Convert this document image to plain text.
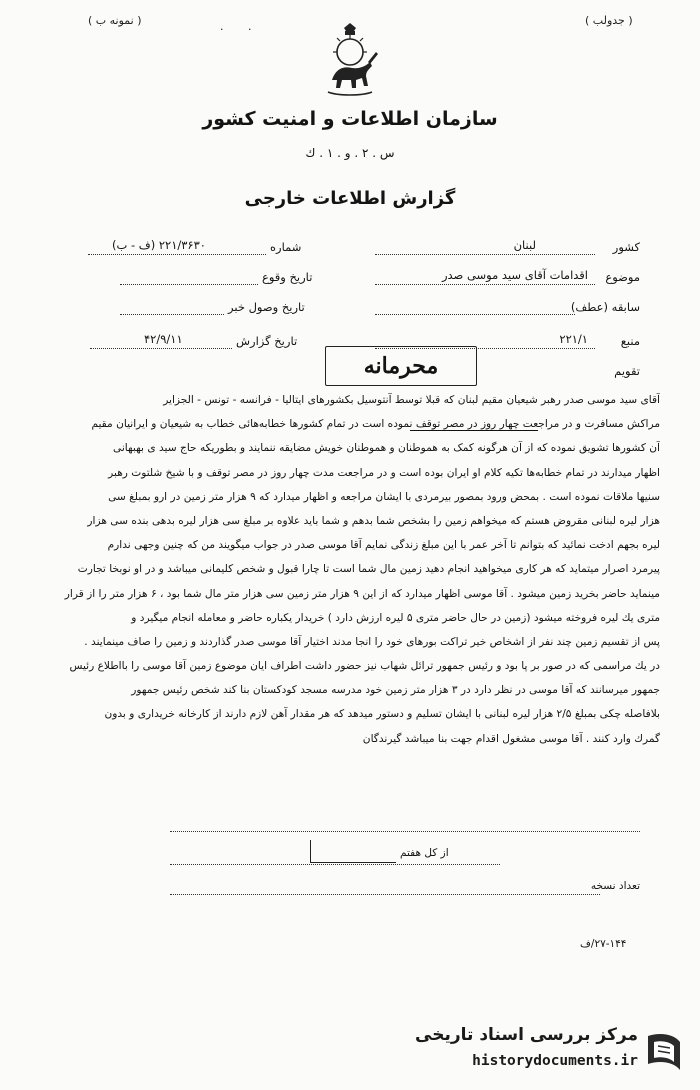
( نمونه ب )	( جدولب )
.       .
سازمان اطلاعات و امنیت کشور
س . ۲ . و . ۱ . ك
گزارش اطلاعات خارجی
کشور
لبنان
موضوع
اقدامات آقای سید موسی صدر
سابقه (عطف)
منبع
۲۲۱/۱
تقویم
شماره
۲۲۱/۳۶۳۰ (ف - ب)
تاریخ وقوع
تاریخ وصول خبر
تاریخ گزارش
۴۲/۹/۱۱
محرمانه
آقای سید موسی صدر رهبر شیعیان مقیم لبنان که قبلا توسط آنتوسیل بکشورهای ایتالیا - فرانسه - تونس - الجزایر
مراکش مسافرت و در مراجعت چهار روز در مصر توقف نموده است در تمام کشورها خطابه‌هائی خطاب به شیعیان و ایرانیان مقیم
آن کشورها تشویق نموده که از آن هرگونه کمک به هموطنان و هموطنان خویش مضایقه ننمایند و بطوریکه حاج سید ی بهبهانی
اظهار میدارند در تمام خطابه‌ها تکیه کلام او ایران بوده است و در مراجعت مدت چهار روز در مصر توقف و با شیخ شلتوت رهبر
سنیها ملاقات نموده است . بمحض ورود بمصور بیرمردی با ایشان مراجعه و اظهار میدارد که ۹ هزار متر زمین در ارو بمبلغ سی
هزار لیره لبنانی مقروض هستم که میخواهم زمین را بشخص شما بدهم و شما باید علاوه بر مبلغ سی هزار لیره بدهی بنده سی هزار
لیره بجهم ادخت نمائید که بتوانم تا آخر عمر با این مبلغ زندگی نمایم آقا موسی صدر در جواب میگویند من که چنین وجهی ندارم
پیرمرد اصرار میتماید که هر کاری میخواهید انجام دهید زمین مال شما است تا چارا قبول و شخص کلیمانی میباشد و در او نوبخا تجارت
مینماید حاضر بخرید زمین میشود . آقا موسی اظهار میدارد که از این ۹ هزار متر زمین سی هزار متر مال شما بود ، ۶ هزار متر را از قرار
متری یك لیره فروخته میشود (زمین در حال حاضر متری ۵ لیره ارزش دارد ) خریدار یکباره حاضر و معامله انجام میگیرد و
پس از تقسیم زمین چند نفر از اشخاص خیر تراکت بورهای خود را انجا مدند اختیار آقا موسی صدر گذاردند و زمین را صاف مینمایند .
در یك مراسمی که در صور بر پا بود و رئیس جمهور ترائل شهاب نیز حضور داشت اطراف ایان موضوع زمین آقا موسی را بااطلاع رئیس
جمهور میرسانند که آقا موسی در نظر دارد در ۳ هزار متر زمین خود مدرسه مسجد کودکستان بنا کند شخص رئیس جمهور
بلافاصله چکی بمبلغ ۲/۵ هزار لیره لبنانی با ایشان تسلیم و دستور میدهد که هر مقدار آهن لازم دارند از کارخانه خریداری و بدون
گمرك وارد کنند . آقا موسی مشغول اقدام جهت بنا میباشد گیرندگان
از کل هفتم
تعداد نسخه
۲۷-۱۴۴/ف
مرکز بررسی اسناد تاریخی
historydocuments.ir
